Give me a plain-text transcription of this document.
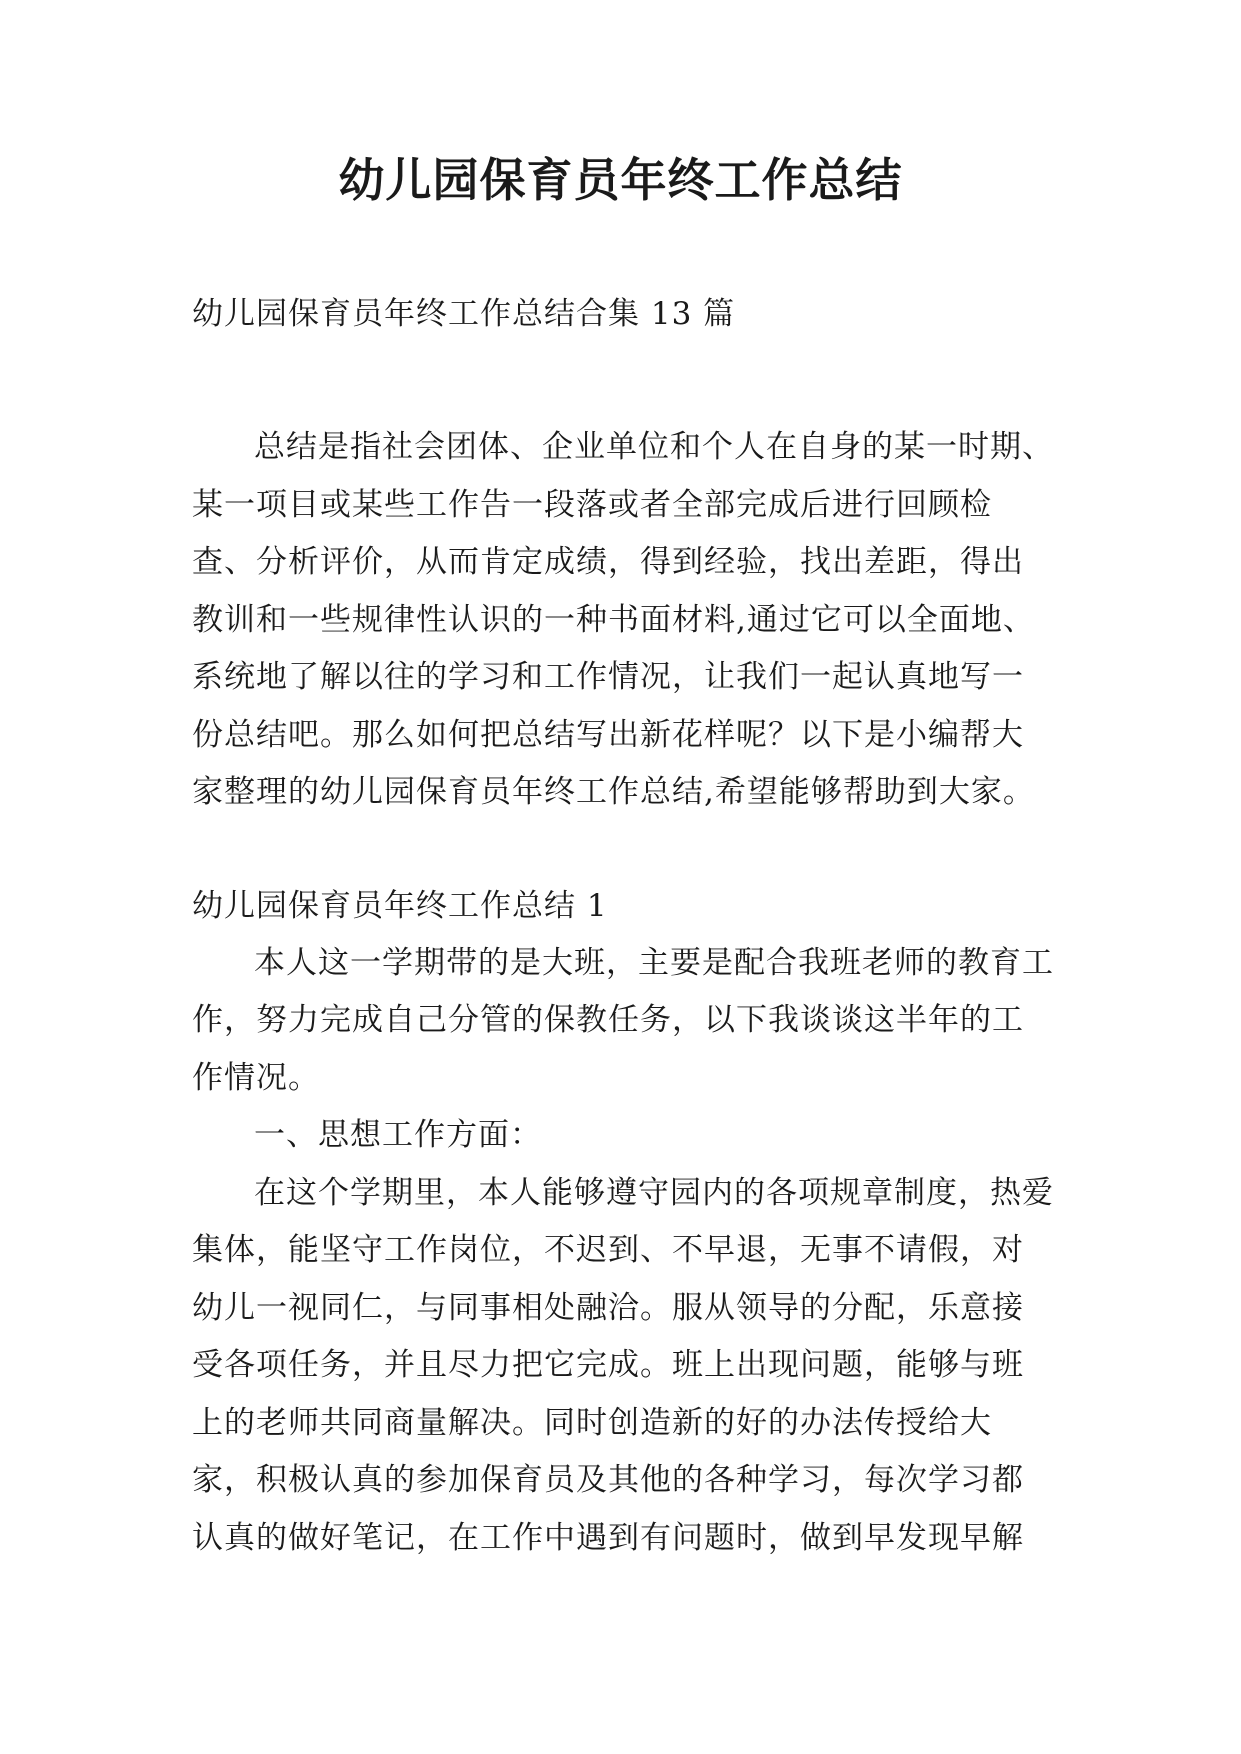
幼儿园保育员年终工作总结

幼儿园保育员年终工作总结合集 13 篇

总结是指社会团体、企业单位和个人在自身的某一时期、某一项目或某些工作告一段落或者全部完成后进行回顾检查、分析评价，从而肯定成绩，得到经验，找出差距，得出教训和一些规律性认识的一种书面材料,通过它可以全面地、系统地了解以往的学习和工作情况，让我们一起认真地写一份总结吧。那么如何把总结写出新花样呢？以下是小编帮大家整理的幼儿园保育员年终工作总结,希望能够帮助到大家。

幼儿园保育员年终工作总结 1

本人这一学期带的是大班，主要是配合我班老师的教育工作，努力完成自己分管的保教任务，以下我谈谈这半年的工作情况。

一、思想工作方面：

在这个学期里，本人能够遵守园内的各项规章制度，热爱集体，能坚守工作岗位，不迟到、不早退，无事不请假，对幼儿一视同仁，与同事相处融洽。服从领导的分配，乐意接受各项任务，并且尽力把它完成。班上出现问题，能够与班上的老师共同商量解决。同时创造新的好的办法传授给大家，积极认真的参加保育员及其他的各种学习，每次学习都认真的做好笔记，在工作中遇到有问题时，做到早发现早解
